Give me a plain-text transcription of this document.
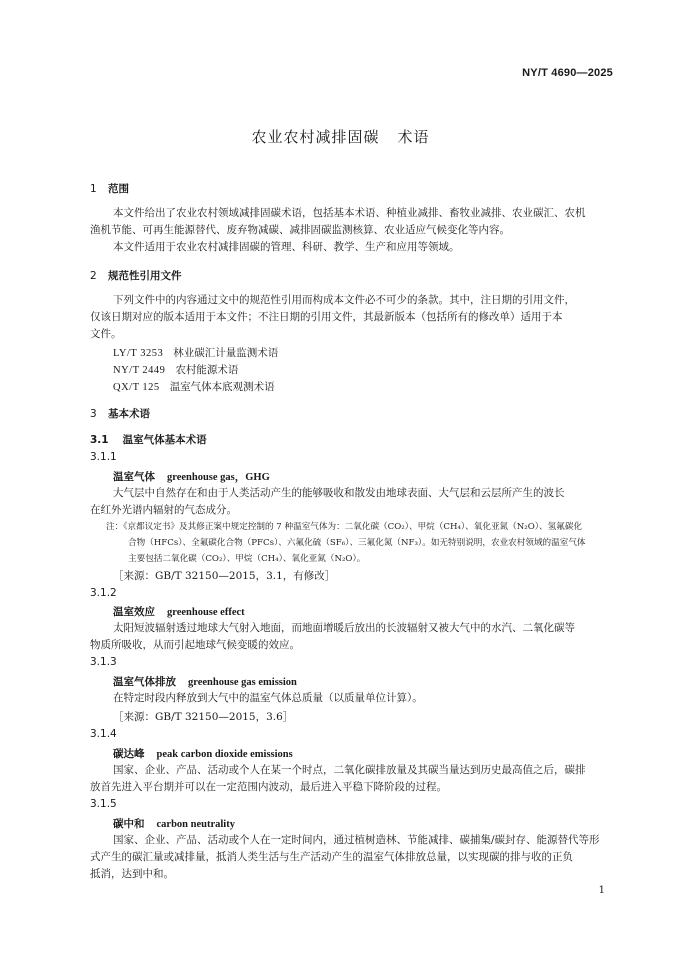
NY/T 4690—2025
农业农村减排固碳 术语
1 范围
本文件给出了农业农村领域减排固碳术语，包括基本术语、种植业减排、畜牧业减排、农业碳汇、农机
渔机节能、可再生能源替代、废弃物减碳、减排固碳监测核算、农业适应气候变化等内容。
本文件适用于农业农村减排固碳的管理、科研、教学、生产和应用等领域。
2 规范性引用文件
下列文件中的内容通过文中的规范性引用而构成本文件必不可少的条款。其中，注日期的引用文件，
仅该日期对应的版本适用于本文件；不注日期的引用文件，其最新版本（包括所有的修改单）适用于本
文件。
LY/T 3253 林业碳汇计量监测术语
NY/T 2449 农村能源术语
QX/T 125 温室气体本底观测术语
3 基本术语
3.1 温室气体基本术语
3.1.1
温室气体 greenhouse gas，GHG
大气层中自然存在和由于人类活动产生的能够吸收和散发由地球表面、大气层和云层所产生的波长
在红外光谱内辐射的气态成分。
注：《京都议定书》及其修正案中规定控制的 7 种温室气体为：二氧化碳（CO₂）、甲烷（CH₄）、氧化亚氮（N₂O）、氢氟碳化
合物（HFCs）、全氟碳化合物（PFCs）、六氟化硫（SF₆）、三氟化氮（NF₃）。如无特别说明，农业农村领域的温室气体
主要包括二氧化碳（CO₂）、甲烷（CH₄）、氧化亚氮（N₂O）。
［来源：GB/T 32150—2015，3.1，有修改］
3.1.2
温室效应 greenhouse effect
太阳短波辐射透过地球大气射入地面，而地面增暖后放出的长波辐射又被大气中的水汽、二氧化碳等
物质所吸收，从而引起地球气候变暖的效应。
3.1.3
温室气体排放 greenhouse gas emission
在特定时段内释放到大气中的温室气体总质量（以质量单位计算）。
［来源：GB/T 32150—2015，3.6］
3.1.4
碳达峰 peak carbon dioxide emissions
国家、企业、产品、活动或个人在某一个时点，二氧化碳排放量及其碳当量达到历史最高值之后，碳排
放首先进入平台期并可以在一定范围内波动，最后进入平稳下降阶段的过程。
3.1.5
碳中和 carbon neutrality
国家、企业、产品、活动或个人在一定时间内，通过植树造林、节能减排、碳捕集/碳封存、能源替代等形
式产生的碳汇量或减排量，抵消人类生活与生产活动产生的温室气体排放总量，以实现碳的排与收的正负
抵消，达到中和。
1
